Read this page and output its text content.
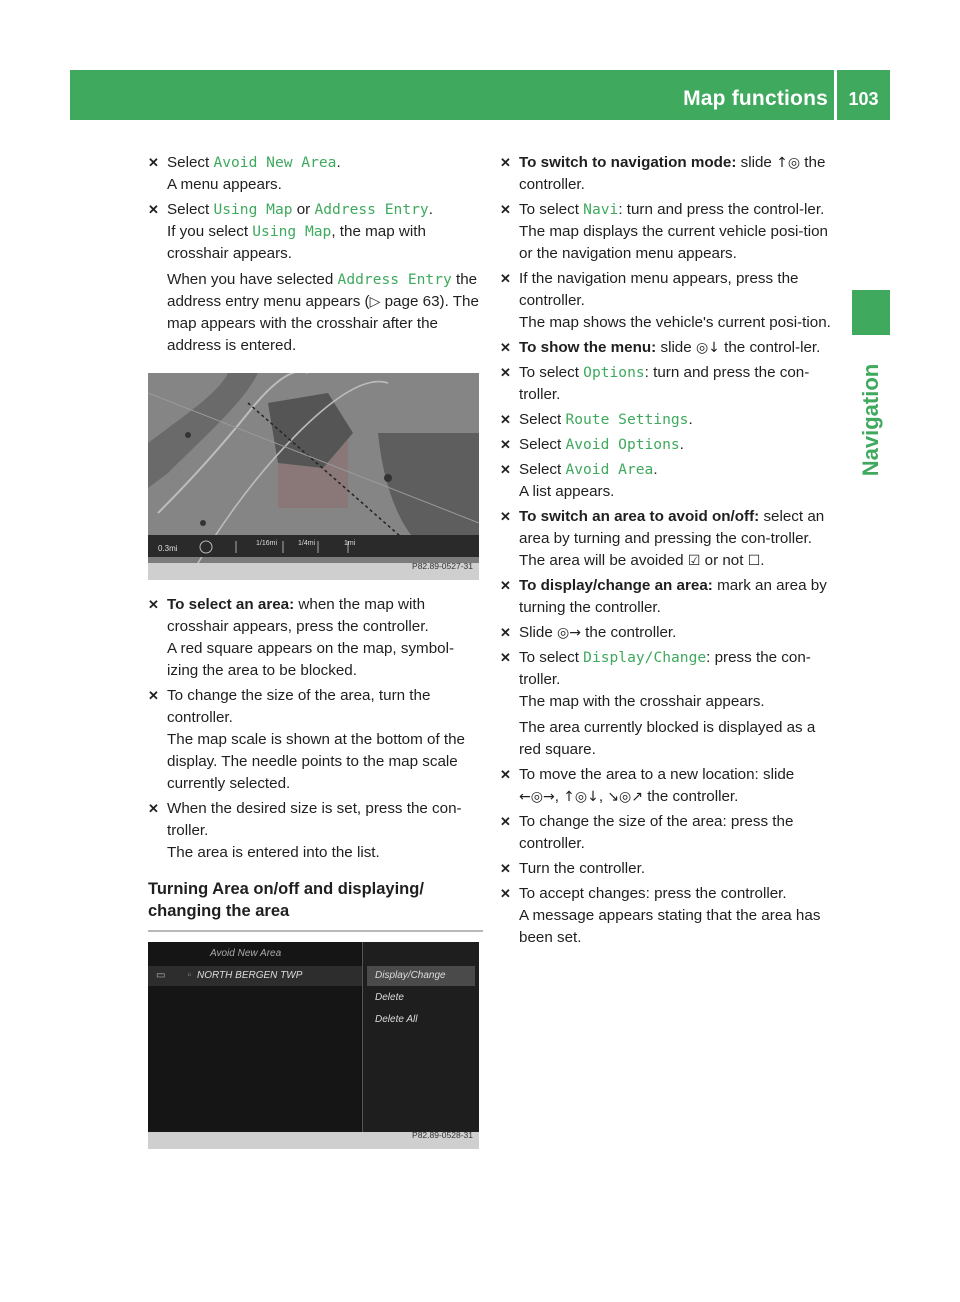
Map functions	103
Navigation
✕ Select Avoid New Area.
A menu appears.
✕ Select Using Map or Address Entry.
If you select Using Map, the map with crosshair appears.
When you have selected Address Entry the address entry menu appears (▷ page 63). The map appears with the crosshair after the address is entered.
0.3mi
1/16mi	1/4mi	1mi
P82.89-0527-31
✕ To select an area: when the map with crosshair appears, press the controller.
A red square appears on the map, symbol-izing the area to be blocked.
✕ To change the size of the area, turn the controller.
The map scale is shown at the bottom of the display. The needle points to the map scale currently selected.
✕ When the desired size is set, press the con-troller.
The area is entered into the list.
Turning Area on/off and displaying/ changing the area
Avoid New Area
▭ ▫ NORTH BERGEN TWP	Display/Change
Delete
Delete All
P82.89-0528-31
✕ To switch to navigation mode: slide ↑◎ the controller.
✕ To select Navi: turn and press the control-ler.
The map displays the current vehicle posi-tion or the navigation menu appears.
✕ If the navigation menu appears, press the controller.
The map shows the vehicle's current posi-tion.
✕ To show the menu: slide ◎↓ the control-ler.
✕ To select Options: turn and press the con-troller.
✕ Select Route Settings.
✕ Select Avoid Options.
✕ Select Avoid Area.
A list appears.
✕ To switch an area to avoid on/off: select an area by turning and pressing the con-troller.
The area will be avoided ☑ or not ☐.
✕ To display/change an area: mark an area by turning the controller.
✕ Slide ◎→ the controller.
✕ To select Display/Change: press the con-troller.
The map with the crosshair appears.
The area currently blocked is displayed as a red square.
✕ To move the area to a new location: slide ←◎→, ↑◎↓, ↘◎↗ the controller.
✕ To change the size of the area: press the controller.
✕ Turn the controller.
✕ To accept changes: press the controller.
A message appears stating that the area has been set.
